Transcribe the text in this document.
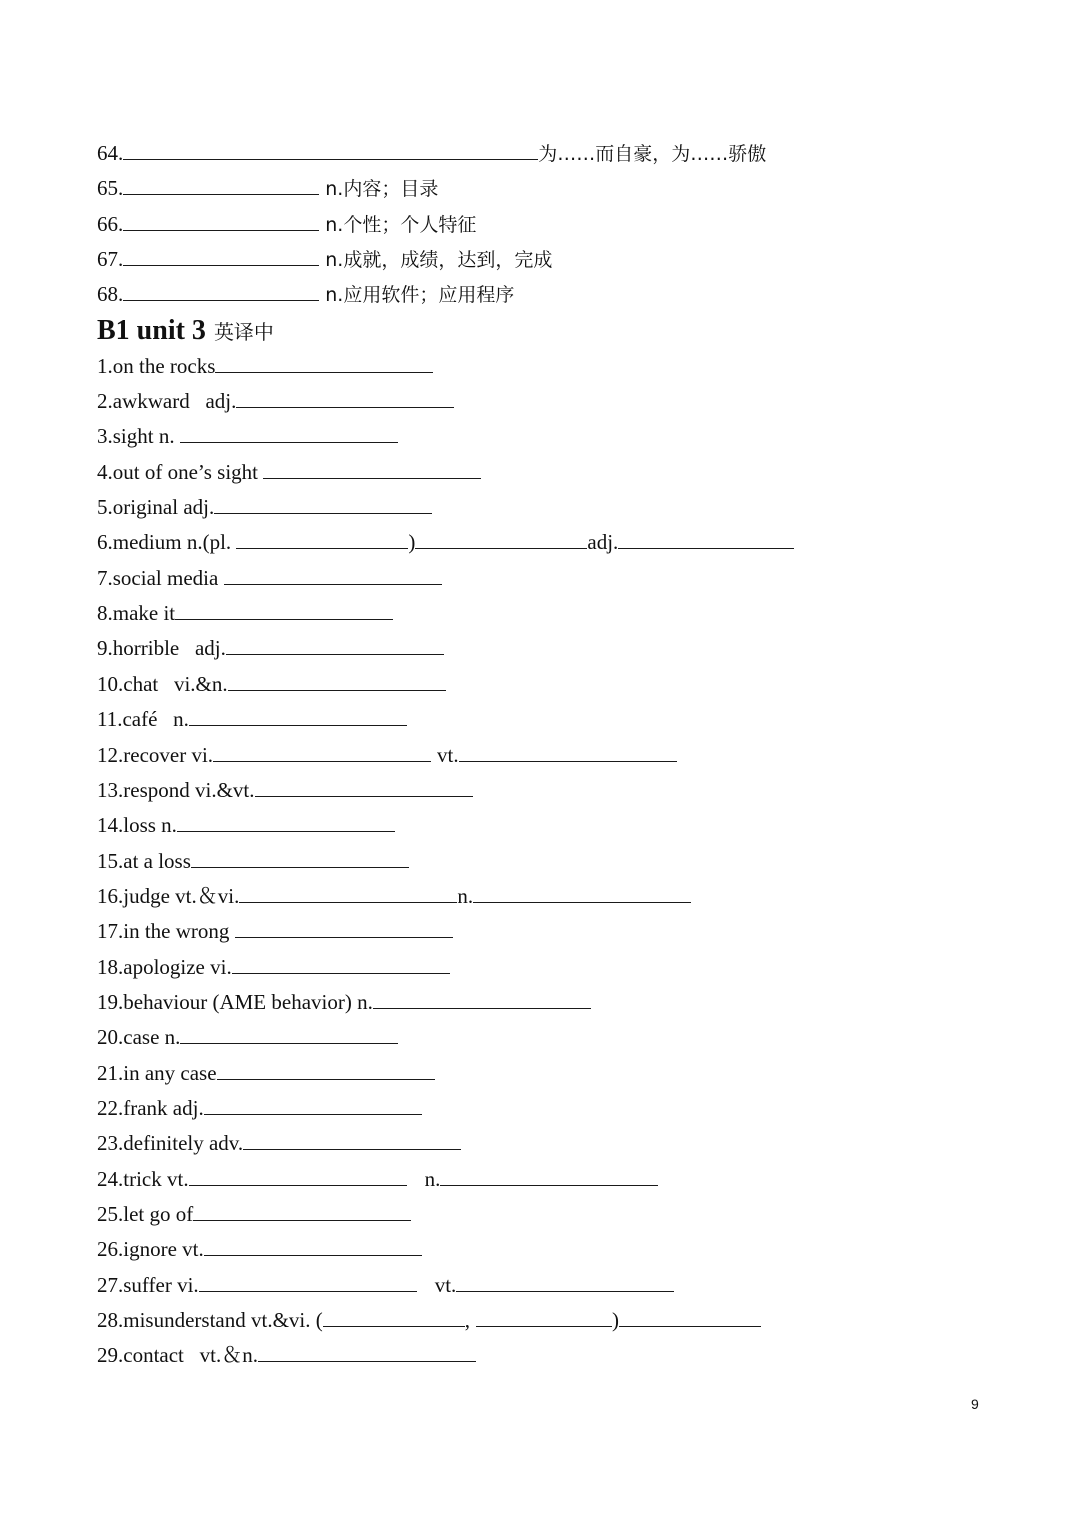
64.	为……而自豪，为……骄傲
65.	n.内容；目录
66.	n.个性；个人特征
67.	n.成就，成绩，达到，完成
68.	n.应用软件；应用程序
B1 unit 3 英译中
1.on the rocks
2.awkward   adj.
3.sight n.
4.out of one’s sight
5.original adj.
6.medium n.(pl.	)	adj.
7.social media
8.make it
9.horrible   adj.
10.chat   vi.&n.
11.café   n.
12.recover vi.	vt.
13.respond vi.&vt.
14.loss n.
15.at a loss
16.judge vt.＆vi.	n.
17.in the wrong
18.apologize vi.
19.behaviour (AME behavior) n.
20.case n.
21.in any case
22.frank adj.
23.definitely adv.
24.trick vt.	n.
25.let go of
26.ignore vt.
27.suffer vi.	vt.
28.misunderstand vt.&vi. (	,	)
29.contact   vt.＆n.
9
